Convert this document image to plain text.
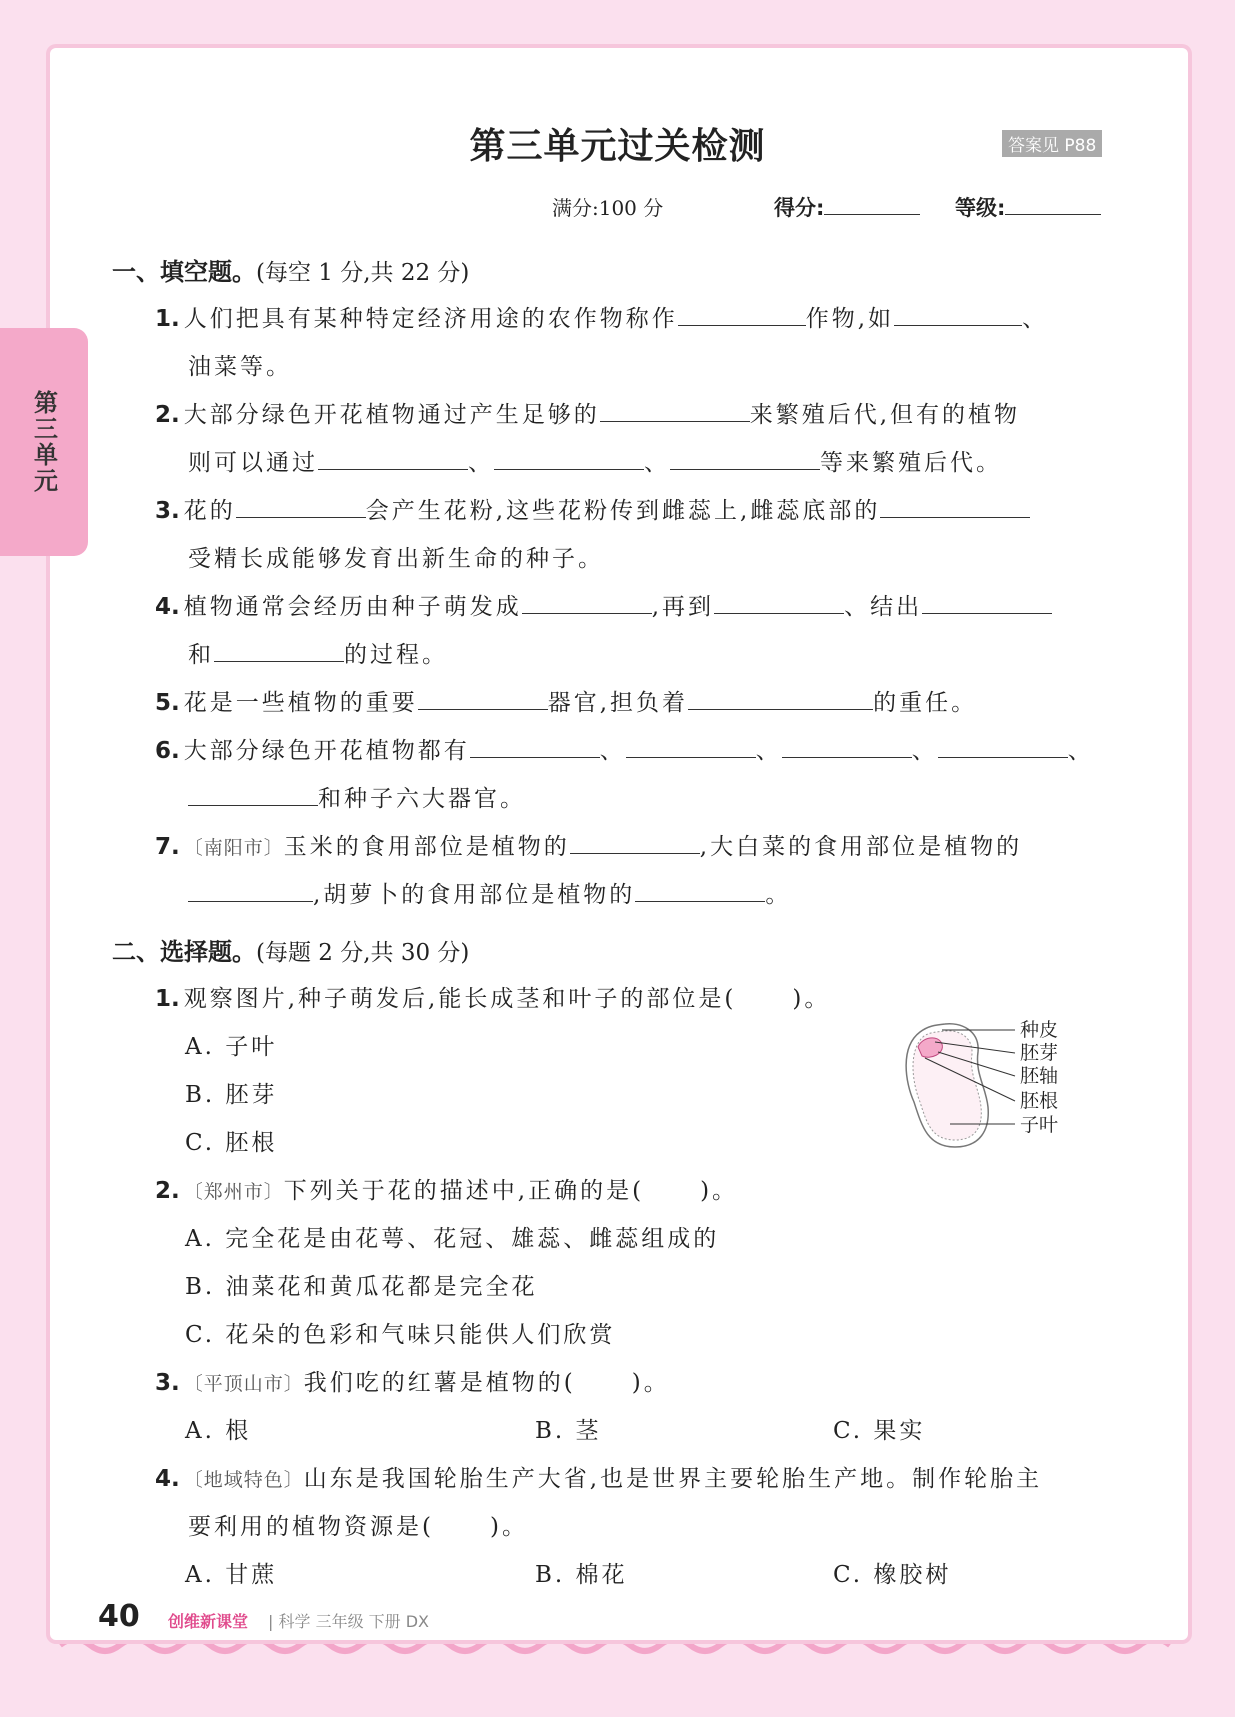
第三单元
第三单元过关检测	答案见 P88
满分:100 分	得分:	等级:
一、填空题。(每空 1 分,共 22 分)
1. 人们把具有某种特定经济用途的农作物称作	作物,如	、
油菜等。
2. 大部分绿色开花植物通过产生足够的	来繁殖后代,但有的植物
则可以通过	、	、	等来繁殖后代。
3. 花的	会产生花粉,这些花粉传到雌蕊上,雌蕊底部的
受精长成能够发育出新生命的种子。
4. 植物通常会经历由种子萌发成	,再到	、结出
和	的过程。
5. 花是一些植物的重要	器官,担负着	的重任。
6. 大部分绿色开花植物都有	、	、	、	、
和种子六大器官。
7. 〔南阳市〕玉米的食用部位是植物的	,大白菜的食用部位是植物的
,胡萝卜的食用部位是植物的	。
二、选择题。(每题 2 分,共 30 分)
1. 观察图片,种子萌发后,能长成茎和叶子的部位是( )。
A. 子叶
B. 胚芽
C. 胚根
种皮
胚芽
胚轴
胚根
子叶
2. 〔郑州市〕下列关于花的描述中,正确的是( )。
A. 完全花是由花萼、花冠、雄蕊、雌蕊组成的
B. 油菜花和黄瓜花都是完全花
C. 花朵的色彩和气味只能供人们欣赏
3. 〔平顶山市〕我们吃的红薯是植物的( )。
A. 根	B. 茎	C. 果实
4. 〔地域特色〕山东是我国轮胎生产大省,也是世界主要轮胎生产地。制作轮胎主
要利用的植物资源是( )。
A. 甘蔗	B. 棉花	C. 橡胶树
40 创维新课堂 | 科学 三年级 下册 DX
